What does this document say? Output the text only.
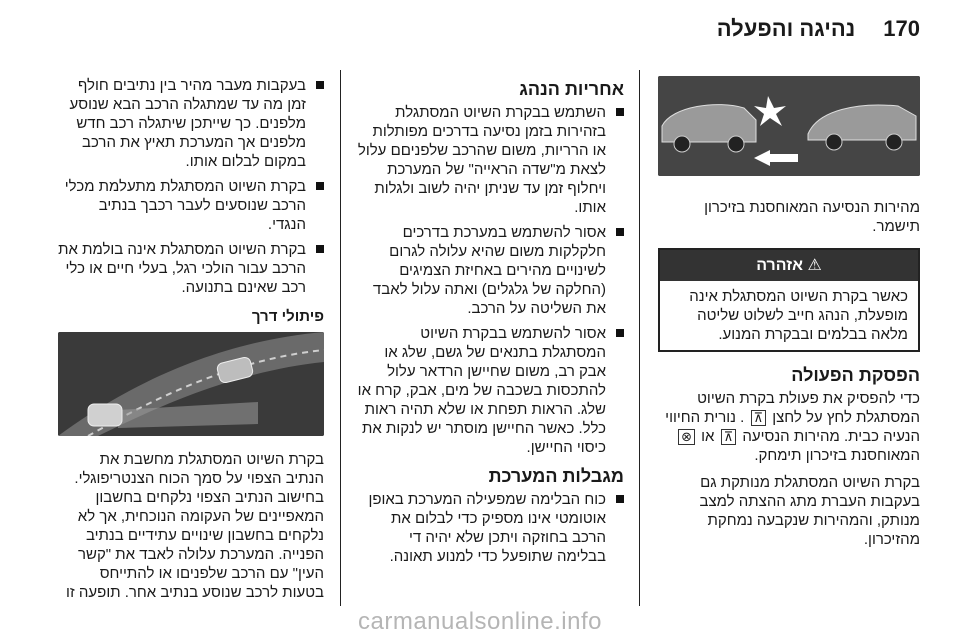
170נהיגה והפעלה

מהירות הנסיעה המאוחסנת בזיכרון תישמר.

⚠ אזהרה
כאשר בקרת השיוט המסתגלת אינה מופעלת, הנהג חייב לשלוט שליטה מלאה בבלמים ובבקרת המנוע.
הפסקת הפעולה

כדי להפסיק את פעולת בקרת השיוט המסתגלת לחץ על לחצן ⊼ . נורית החיווי הנעיה כבית. מהירות הנסיעה ⊼ או ⊗ המאוחסנת בזיכרון תימחק.

בקרת השיוט המסתגלת מנותקת גם בעקבות העברת מתג ההצתה למצב מנותק, והמהירות שנקבעה נמחקת מהזיכרון.

אחריות הנהג
השתמש בבקרת השיוט המסתגלת בזהירות בזמן נסיעה בדרכים מפותלות או הרריות, משום שהרכב שלפניםם עלול לצאת מ"שדה הראייה" של המערכת ויחלוף זמן עד שניתן יהיה לשוב ולגלות אותו.
אסור להשתמש במערכת בדרכים חלקלקות משום שהיא עלולה לגרום לשינויים מהירים באחיזת הצמיגים (החלקה של גלגלים) ואתה עלול לאבד את השליטה על הרכב.
אסור להשתמש בבקרת השיוט המסתגלת בתנאים של גשם, שלג או אבק רב, משום שחיישן הרדאר עלול להתכסות בשכבה של מים, אבק, קרח או שלג. הראות תפחת או שלא תהיה ראות כלל. כאשר החיישן מוסתר יש לנקות את כיסוי החיישן.
מגבלות המערכת
כוח הבלימה שמפעילה המערכת באופן אוטומטי אינו מספיק כדי לבלום את הרכב בחוזקה ויתכן שלא יהיה די בבלימה שתופעל כדי למנוע תאונה.
בעקבות מעבר מהיר בין נתיבים חולף זמן מה עד שמתגלה הרכב הבא שנוסע מלפנים. כך שייתכן שיתגלה רכב חדש מלפנים אך המערכת תאיץ את הרכב במקום לבלום אותו.
בקרת השיוט המסתגלת מתעלמת מכלי הרכב שנוסעים לעבר רכבך בנתיב הנגדי.
בקרת השיוט המסתגלת אינה בולמת את הרכב עבור הולכי רגל, בעלי חיים או כלי רכב שאינם בתנועה.
פיתולי דרך

בקרת השיוט המסתגלת מחשבת את הנתיב הצפוי על סמך הכוח הצנטריפוגלי. בחישוב הנתיב הצפוי נלקחים בחשבון המאפיינים של העקומה הנוכחית, אך לא נלקחים בחשבון שינויים עתידיים בנתיב הפנייה. המערכת עלולה לאבד את "קשר העין" עם הרכב שלפניםו או להתייחס בטעות לרכב שנוסע בנתיב אחר. תופעה זו

carmanualsonline.info
